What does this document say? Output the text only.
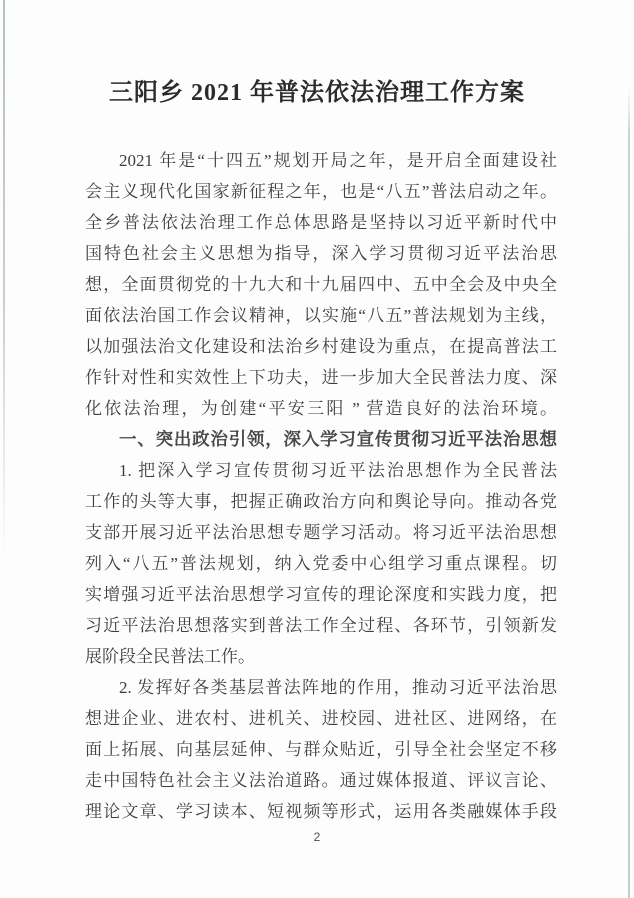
三阳乡 2021 年普法依法治理工作方案
2021 年是“十四五”规划开局之年，是开启全面建设社
会主义现代化国家新征程之年，也是“八五”普法启动之年。
全乡普法依法治理工作总体思路是坚持以习近平新时代中
国特色社会主义思想为指导，深入学习贯彻习近平法治思
想，全面贯彻党的十九大和十九届四中、五中全会及中央全
面依法治国工作会议精神，以实施“八五”普法规划为主线，
以加强法治文化建设和法治乡村建设为重点，在提高普法工
作针对性和实效性上下功夫，进一步加大全民普法力度、深
化依法治理，为创建“平安三阳 ” 营造良好的法治环境。
一、突出政治引领，深入学习宣传贯彻习近平法治思想
1. 把深入学习宣传贯彻习近平法治思想作为全民普法
工作的头等大事，把握正确政治方向和舆论导向。推动各党
支部开展习近平法治思想专题学习活动。将习近平法治思想
列入“八五”普法规划，纳入党委中心组学习重点课程。切
实增强习近平法治思想学习宣传的理论深度和实践力度，把
习近平法治思想落实到普法工作全过程、各环节，引领新发
展阶段全民普法工作。
2. 发挥好各类基层普法阵地的作用，推动习近平法治思
想进企业、进农村、进机关、进校园、进社区、进网络，在
面上拓展、向基层延伸、与群众贴近，引导全社会坚定不移
走中国特色社会主义法治道路。通过媒体报道、评议言论、
理论文章、学习读本、短视频等形式，运用各类融媒体手段
2
